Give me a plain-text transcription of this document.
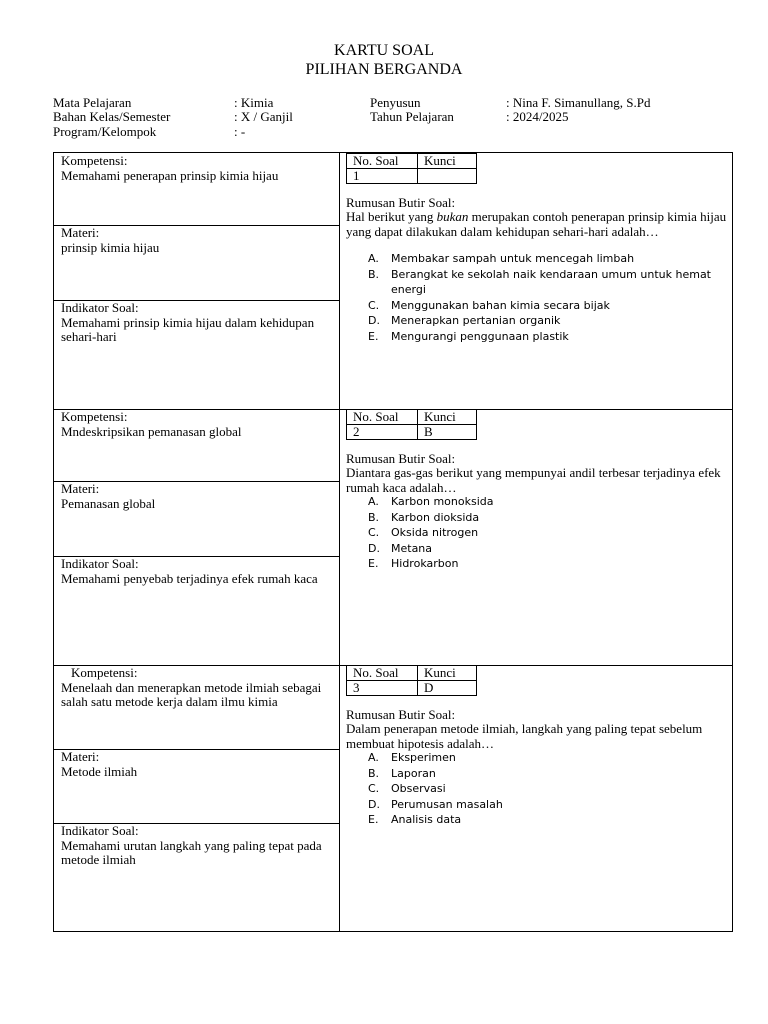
KARTU SOAL
PILIHAN BERGANDA
Mata Pelajaran	: Kimia
Bahan Kelas/Semester	: X / Ganjil
Program/Kelompok	: -
Penyusun	: Nina F. Simanullang, S.Pd
Tahun Pelajaran	: 2024/2025
Kompetensi:
Memahami penerapan prinsip kimia hijau
Materi:
prinsip kimia hijau
Indikator Soal:
Memahami prinsip kimia hijau dalam kehidupan sehari-hari
No. Soal	Kunci
1	
Rumusan Butir Soal:
Hal berikut yang bukan merupakan contoh penerapan prinsip kimia hijau yang dapat dilakukan dalam kehidupan sehari-hari adalah…
A.	Membakar sampah untuk mencegah limbah
B.	Berangkat ke sekolah naik kendaraan umum untuk hemat energi
C.	Menggunakan bahan kimia secara bijak
D.	Menerapkan pertanian organik
E.	Mengurangi penggunaan plastik
Kompetensi:
Mndeskripsikan pemanasan global
Materi:
Pemanasan global
Indikator Soal:
Memahami penyebab terjadinya efek rumah kaca
No. Soal	Kunci
2	B
Rumusan Butir Soal:
Diantara gas-gas berikut yang mempunyai andil terbesar terjadinya efek rumah kaca adalah…
A.	Karbon monoksida
B.	Karbon dioksida
C.	Oksida nitrogen
D.	Metana
E.	Hidrokarbon
Kompetensi:
Menelaah dan menerapkan metode ilmiah sebagai salah satu metode kerja dalam ilmu kimia
Materi:
Metode ilmiah
Indikator Soal:
Memahami urutan langkah yang paling tepat pada metode ilmiah
No. Soal	Kunci
3	D
Rumusan Butir Soal:
Dalam penerapan metode ilmiah, langkah yang paling tepat sebelum membuat hipotesis adalah…
A.	Eksperimen
B.	Laporan
C.	Observasi
D.	Perumusan masalah
E.	Analisis data
